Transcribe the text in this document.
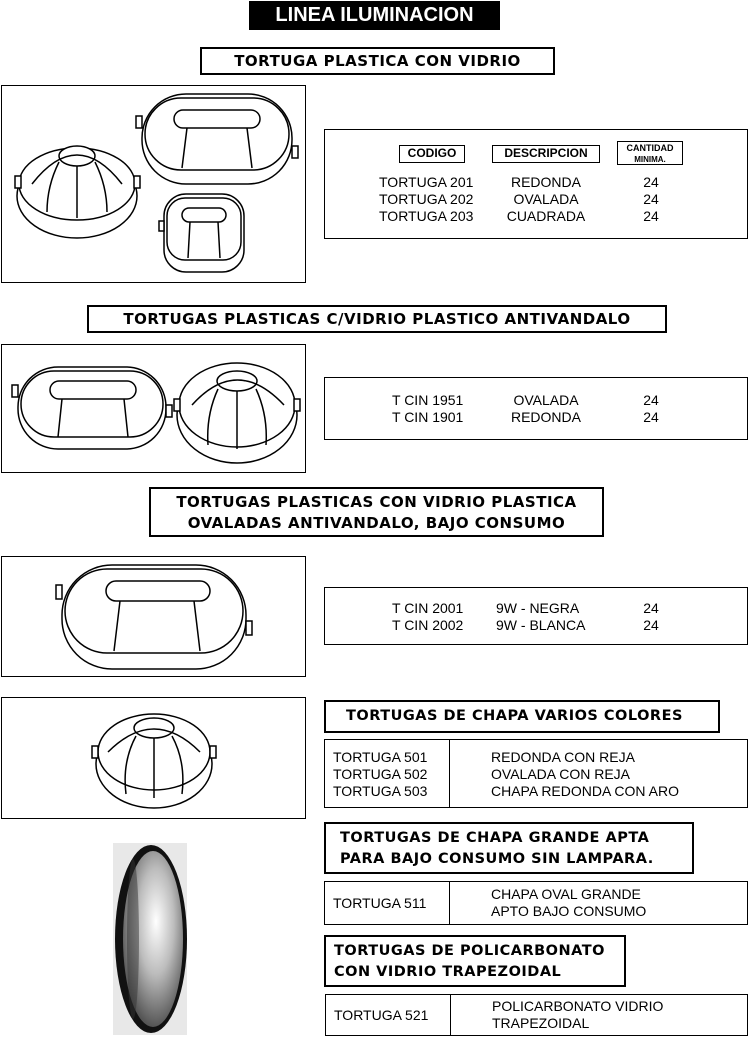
LINEA ILUMINACION
TORTUGA PLASTICA CON VIDRIO
CODIGO	DESCRIPCION	CANTIDAD
MINIMA.
TORTUGA 201
TORTUGA 202
TORTUGA 203
REDONDA
OVALADA
CUADRADA
24
24
24
TORTUGAS PLASTICAS C/VIDRIO PLASTICO ANTIVANDALO
T CIN 1951
T CIN 1901
OVALADA
REDONDA
24
24
TORTUGAS PLASTICAS CON VIDRIO PLASTICA
OVALADAS ANTIVANDALO, BAJO CONSUMO
T CIN 2001
T CIN 2002
9W - NEGRA
9W - BLANCA
24
24
TORTUGAS DE CHAPA VARIOS COLORES
TORTUGA 501
TORTUGA 502
TORTUGA 503
REDONDA CON REJA
OVALADA CON REJA
CHAPA REDONDA CON ARO
TORTUGAS DE CHAPA GRANDE APTA
PARA BAJO CONSUMO SIN LAMPARA.
TORTUGA 511
CHAPA OVAL GRANDE
APTO BAJO CONSUMO
TORTUGAS DE POLICARBONATO
CON VIDRIO TRAPEZOIDAL
TORTUGA 521
POLICARBONATO VIDRIO
TRAPEZOIDAL
